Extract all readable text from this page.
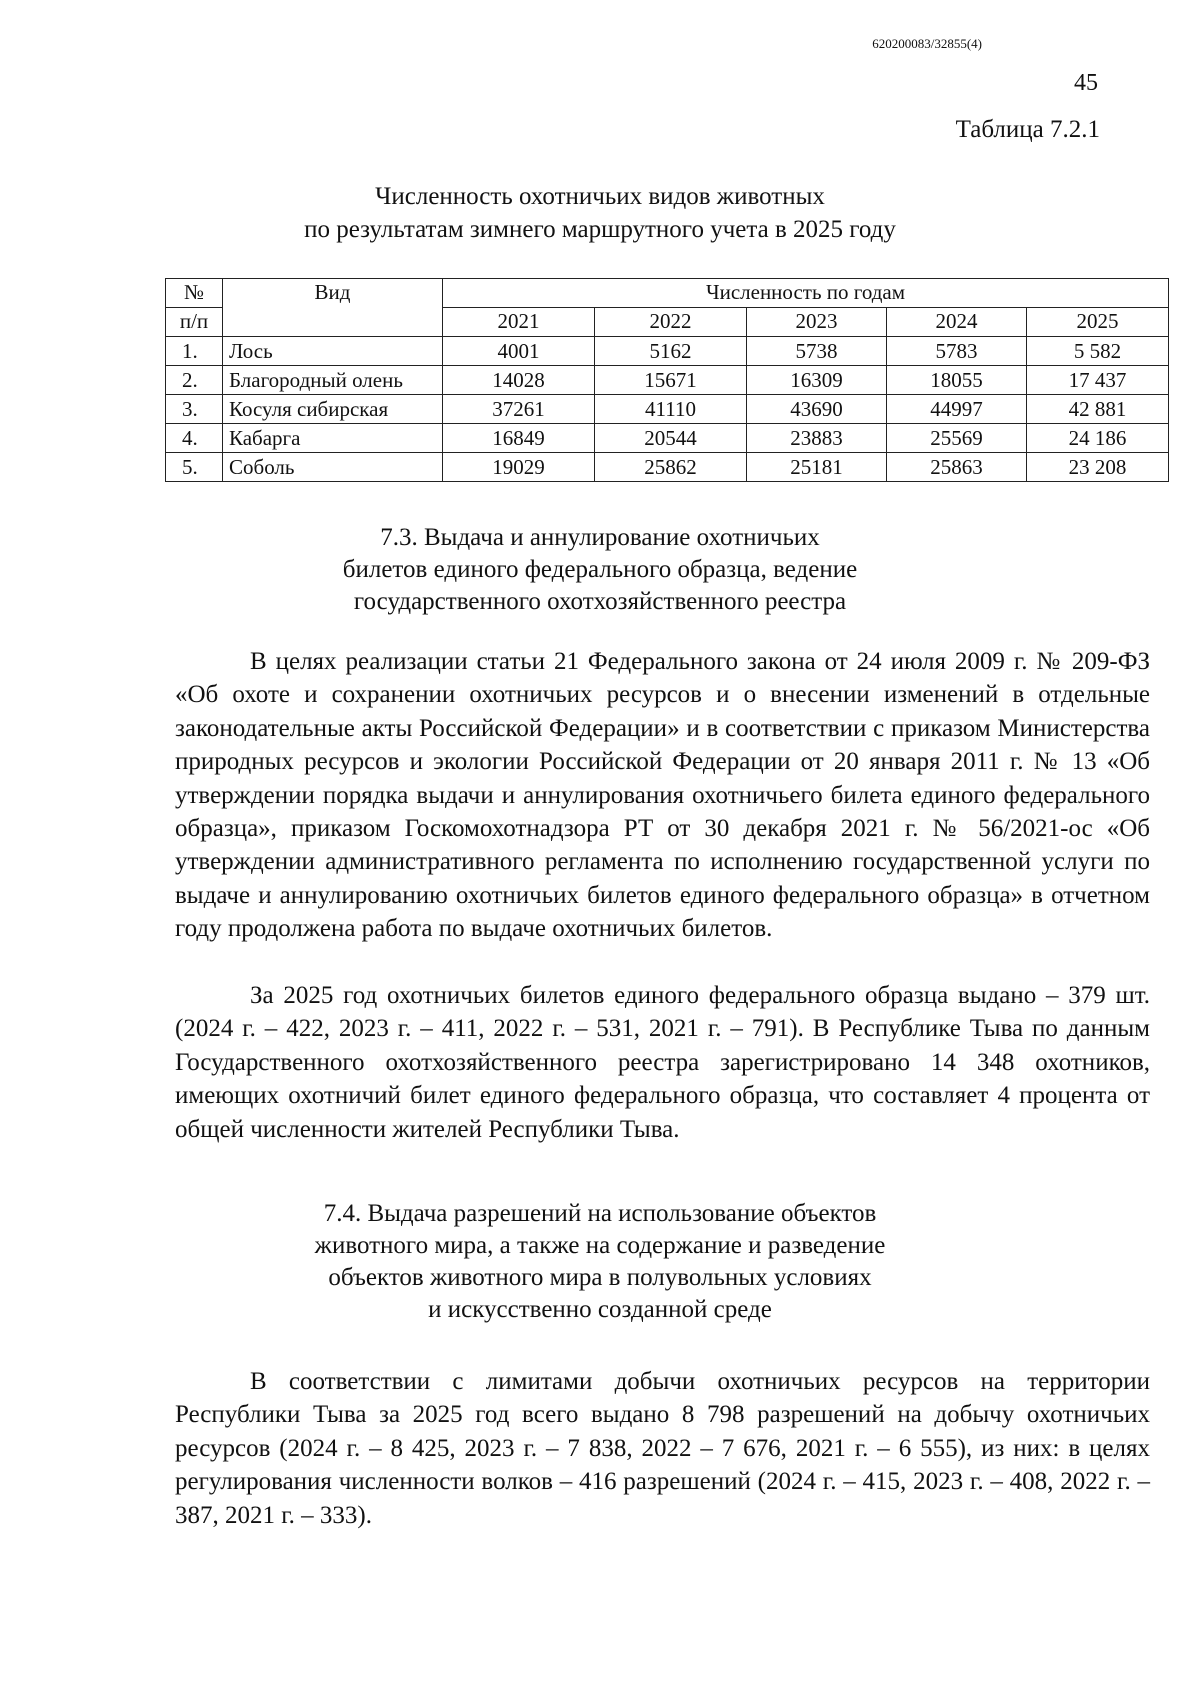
620200083/32855(4)
45
Таблица 7.2.1
Численность охотничьих видов животных
по результатам зимнего маршрутного учета в 2025 году
№	Вид	Численность по годам				
п/п		2021	2022	2023	2024	2025
1.	Лось	4001	5162	5738	5783	5 582
2.	Благородный олень	14028	15671	16309	18055	17 437
3.	Косуля сибирская	37261	41110	43690	44997	42 881
4.	Кабарга	16849	20544	23883	25569	24 186
5.	Соболь	19029	25862	25181	25863	23 208
7.3. Выдача и аннулирование охотничьих
билетов единого федерального образца, ведение
государственного охотхозяйственного реестра

В целях реализации статьи 21 Федерального закона от 24 июля 2009 г. № 209-ФЗ «Об охоте и сохранении охотничьих ресурсов и о внесении изменений в отдельные законодательные акты Российской Федерации» и в соответствии с приказом Министерства природных ресурсов и экологии Российской Федерации от 20 января 2011 г. № 13 «Об утверждении порядка выдачи и аннулирования охотничьего билета единого федерального образца», приказом Госкомохотнадзора РТ от 30 декабря 2021 г. № 56/2021-ос «Об утверждении административного регламента по исполнению государственной услуги по выдаче и аннулированию охотничьих билетов единого федерального образца» в отчетном году продолжена работа по выдаче охотничьих билетов.

За 2025 год охотничьих билетов единого федерального образца выдано – 379 шт. (2024 г. – 422, 2023 г. – 411, 2022 г. – 531, 2021 г. – 791). В Республике Тыва по данным Государственного охотхозяйственного реестра зарегистрировано 14 348 охотников, имеющих охотничий билет единого федерального образца, что составляет 4 процента от общей численности жителей Республики Тыва.

7.4. Выдача разрешений на использование объектов
животного мира, а также на содержание и разведение
объектов животного мира в полувольных условиях
и искусственно созданной среде

В соответствии с лимитами добычи охотничьих ресурсов на территории Республики Тыва за 2025 год всего выдано 8 798 разрешений на добычу охотничьих ресурсов (2024 г. – 8 425, 2023 г. – 7 838, 2022 – 7 676, 2021 г. – 6 555), из них: в целях регулирования численности волков – 416 разрешений (2024 г. – 415, 2023 г. – 408, 2022 г. – 387, 2021 г. – 333).
